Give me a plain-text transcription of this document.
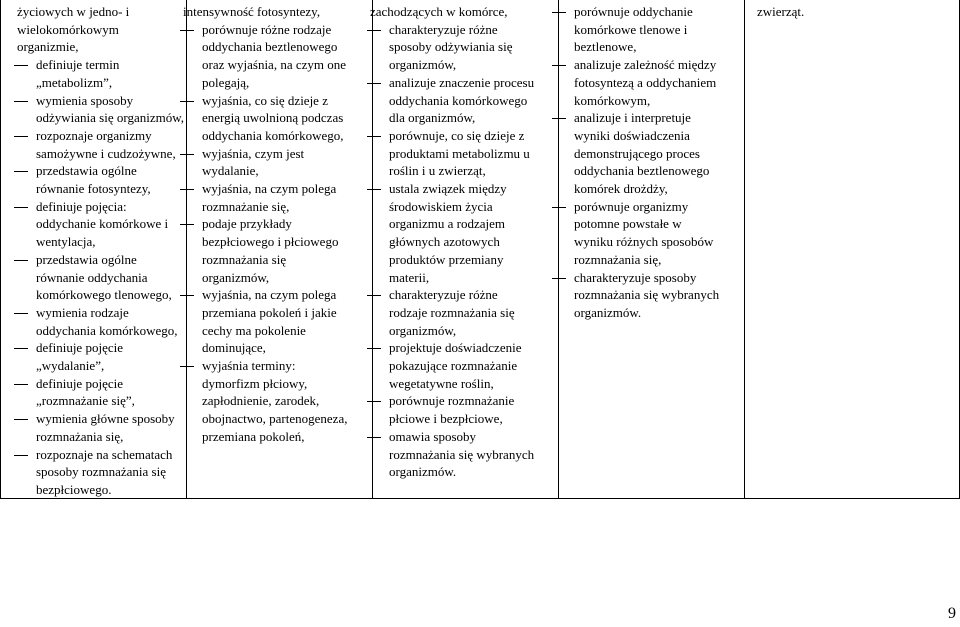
życiowych w jedno- i
wielokomórkowym
organizmie,
definiuje termin
„metabolizm”,
wymienia sposoby
odżywiania się organizmów,
rozpoznaje organizmy
samożywne i cudzożywne,
przedstawia ogólne
równanie fotosyntezy,
definiuje pojęcia:
oddychanie komórkowe i
wentylacja,
przedstawia ogólne
równanie oddychania
komórkowego tlenowego,
wymienia rodzaje
oddychania komórkowego,
definiuje pojęcie
„wydalanie”,
definiuje pojęcie
„rozmnażanie się”,
wymienia główne sposoby
rozmnażania się,
rozpoznaje na schematach
sposoby rozmnażania się
bezpłciowego.
intensywność fotosyntezy,
porównuje różne rodzaje
oddychania beztlenowego
oraz wyjaśnia, na czym one
polegają,
wyjaśnia, co się dzieje z
energią uwolnioną podczas
oddychania komórkowego,
wyjaśnia, czym jest
wydalanie,
wyjaśnia, na czym polega
rozmnażanie się,
podaje przykłady
bezpłciowego i płciowego
rozmnażania się
organizmów,
wyjaśnia, na czym polega
przemiana pokoleń i jakie
cechy ma pokolenie
dominujące,
wyjaśnia terminy:
dymorfizm płciowy,
zapłodnienie, zarodek,
obojnactwo, partenogeneza,
przemiana pokoleń,
zachodzących w komórce,
charakteryzuje różne
sposoby odżywiania się
organizmów,
analizuje znaczenie procesu
oddychania komórkowego
dla organizmów,
porównuje, co się dzieje z
produktami metabolizmu u
roślin i u zwierząt,
ustala związek między
środowiskiem życia
organizmu a rodzajem
głównych azotowych
produktów przemiany
materii,
charakteryzuje różne
rodzaje rozmnażania się
organizmów,
projektuje doświadczenie
pokazujące rozmnażanie
wegetatywne roślin,
porównuje rozmnażanie
płciowe i bezpłciowe,
omawia sposoby
rozmnażania się wybranych
organizmów.
porównuje oddychanie
komórkowe tlenowe i
beztlenowe,
analizuje zależność między
fotosyntezą a oddychaniem
komórkowym,
analizuje i interpretuje
wyniki doświadczenia
demonstrującego proces
oddychania beztlenowego
komórek drożdży,
porównuje organizmy
potomne powstałe w
wyniku różnych sposobów
rozmnażania się,
charakteryzuje sposoby
rozmnażania się wybranych
organizmów.
zwierząt.
9
